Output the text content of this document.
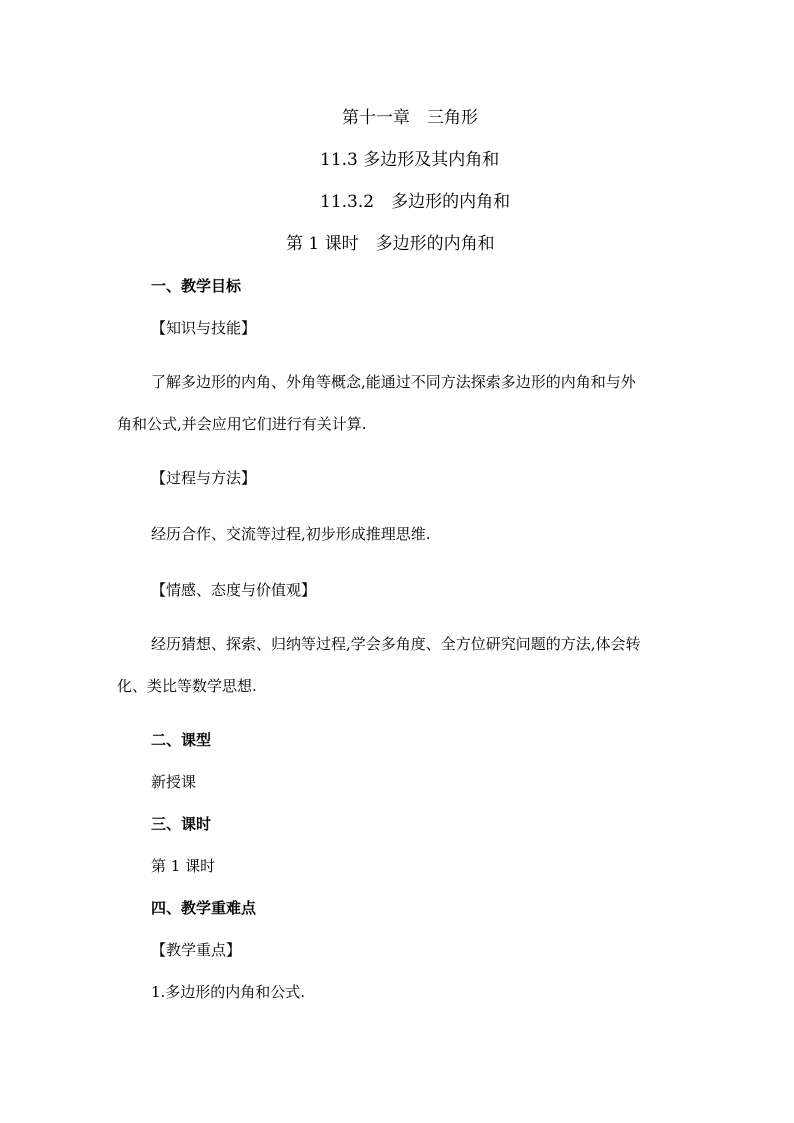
第十一章　三角形

11.3 多边形及其内角和

11.3.2　多边形的内角和

第 1 课时　多边形的内角和

一、教学目标

【知识与技能】

了解多边形的内角、外角等概念,能通过不同方法探索多边形的内角和与外

角和公式,并会应用它们进行有关计算.

【过程与方法】

经历合作、交流等过程,初步形成推理思维.

【情感、态度与价值观】

经历猜想、探索、归纳等过程,学会多角度、全方位研究问题的方法,体会转

化、类比等数学思想.

二、课型

新授课

三、课时

第 1 课时

四、教学重难点

【教学重点】

1.多边形的内角和公式.
